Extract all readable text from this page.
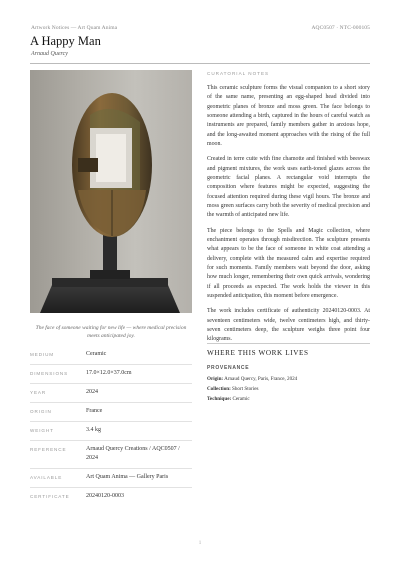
Artwork Notices — Art Quam Anima	AQC0507 · NTC-000105
A Happy Man
Arnaud Quercy
The face of someone waiting for new life — where medical precision meets anticipated joy.
MEDIUM	Ceramic
DIMENSIONS	17.0×12.0×37.0cm
YEAR	2024
ORIGIN	France
WEIGHT	3.4 kg
REFERENCE	Arnaud Quercy Creations / AQC0507 / 2024
AVAILABLE	Art Quam Anima — Gallery Paris
CERTIFICATE	20240120-0003
CURATORIAL NOTES

This ceramic sculpture forms the visual companion to a short story of the same name, presenting an egg-shaped head divided into geometric planes of bronze and moss green. The face belongs to someone attending a birth, captured in the hours of careful watch as instruments are prepared, family members gather in anxious hope, and the long-awaited moment approaches with the rising of the full moon.

Created in terre cuite with fine chamotte and finished with beeswax and pigment mixtures, the work uses earth-toned glazes across the geometric facial planes. A rectangular void interrupts the composition where features might be expected, suggesting the focused attention required during these vigil hours. The bronze and moss green surfaces carry both the severity of medical precision and the warmth of anticipated new life.

The piece belongs to the Spells and Magic collection, where enchantment operates through misdirection. The sculpture presents what appears to be the face of someone in white coat attending a delivery, complete with the measured calm and expertise required for such moments. Family members wait beyond the door, asking how much longer, remembering their own quick arrivals, wondering if all proceeds as expected. The work holds the viewer in this suspended anticipation, this moment before emergence.

The work includes certificate of authenticity 20240120-0003. At seventeen centimeters wide, twelve centimeters high, and thirty-seven centimeters deep, the sculpture weighs three point four kilograms.

WHERE THIS WORK LIVES
PROVENANCE
Origin: Arnaud Quercy, Paris, France, 2024
Collection: Short Stories
Technique: Ceramic
1
